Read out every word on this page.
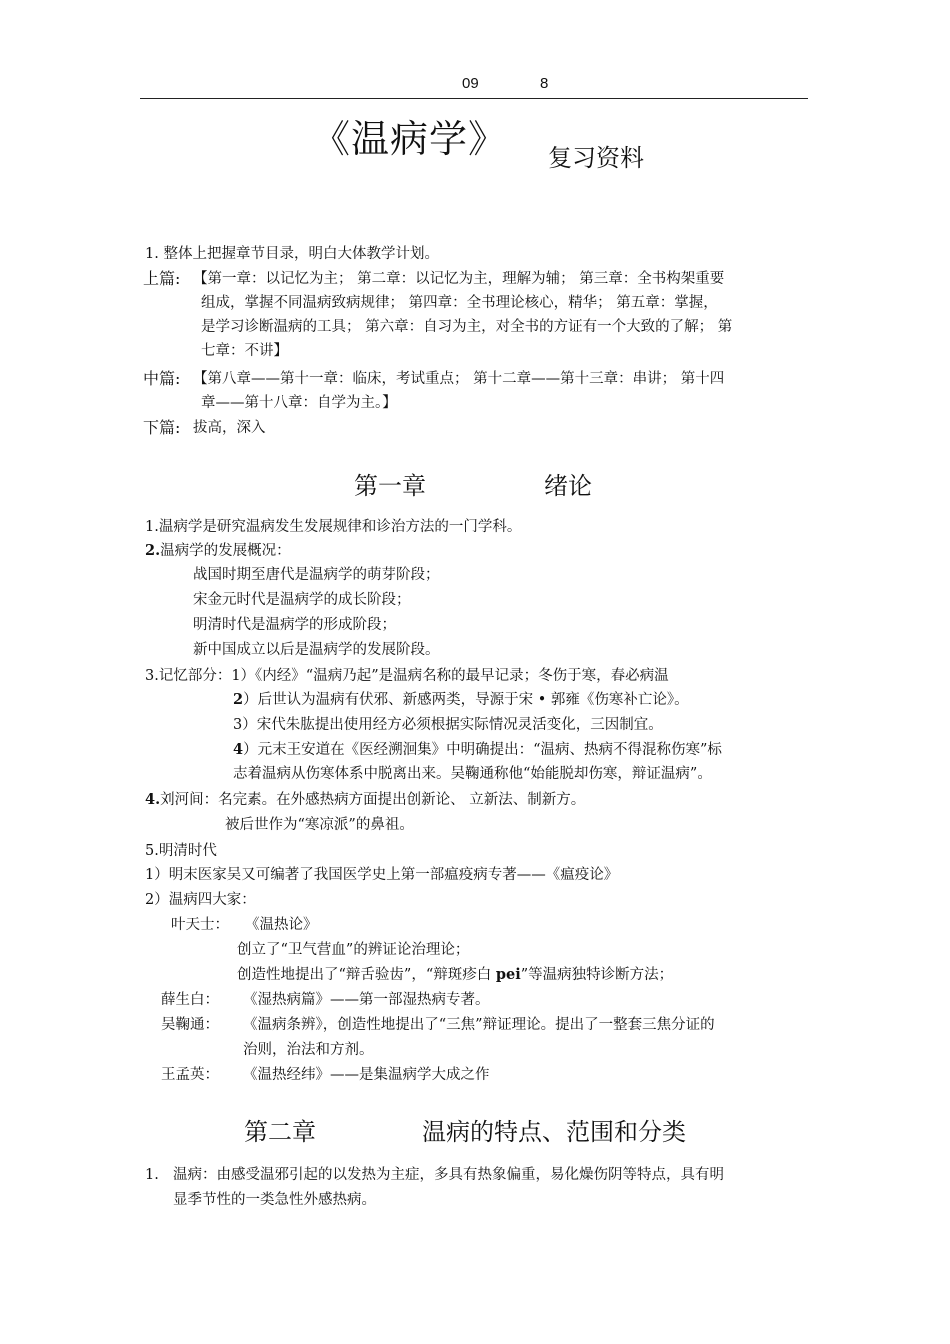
09	8
《温病学》 复习资料
1. 整体上把握章节目录，明白大体教学计划。
上篇: 【第一章：以记忆为主； 第二章：以记忆为主，理解为辅； 第三章：全书构架重要
组成，掌握不同温病致病规律； 第四章：全书理论核心，精华； 第五章：掌握，
是学习诊断温病的工具； 第六章：自习为主，对全书的方证有一个大致的了解； 第
七章：不讲】
中篇: 【第八章——第十一章：临床，考试重点； 第十二章——第十三章：串讲； 第十四
章——第十八章：自学为主。】
下篇: 拔高，深入
第一章	绪论
1.温病学是研究温病发生发展规律和诊治方法的一门学科。
2.温病学的发展概况：
战国时期至唐代是温病学的萌芽阶段；
宋金元时代是温病学的成长阶段；
明清时代是温病学的形成阶段；
新中国成立以后是温病学的发展阶段。
3.记忆部分：1）《内经》“温病乃起”是温病名称的最早记录；冬伤于寒，春必病温
2）后世认为温病有伏邪、新感两类，导源于宋 • 郭雍《伤寒补亡论》。
3）宋代朱肱提出使用经方必须根据实际情况灵活变化，三因制宜。
4）元末王安道在《医经溯洄集》中明确提出：“温病、热病不得混称伤寒”标
志着温病从伤寒体系中脱离出来。吴鞠通称他“始能脱却伤寒，辩证温病”。
4.刘河间：名完素。在外感热病方面提出创新论、 立新法、制新方。
被后世作为“寒凉派”的鼻祖。
5.明清时代
1）明末医家吴又可编著了我国医学史上第一部瘟疫病专著——《瘟疫论》
2）温病四大家：
叶天士： 《温热论》
创立了“卫气营血”的辨证论治理论；
创造性地提出了“辩舌验齿”，“辩斑疹白 pei”等温病独特诊断方法；
薛生白： 《湿热病篇》——第一部湿热病专著。
吴鞠通： 《温病条辨》，创造性地提出了“三焦”辩证理论。提出了一整套三焦分证的
治则，治法和方剂。
王孟英： 《温热经纬》——是集温病学大成之作
第二章	温病的特点、范围和分类
1. 温病：由感受温邪引起的以发热为主症，多具有热象偏重，易化燥伤阴等特点，具有明
显季节性的一类急性外感热病。
